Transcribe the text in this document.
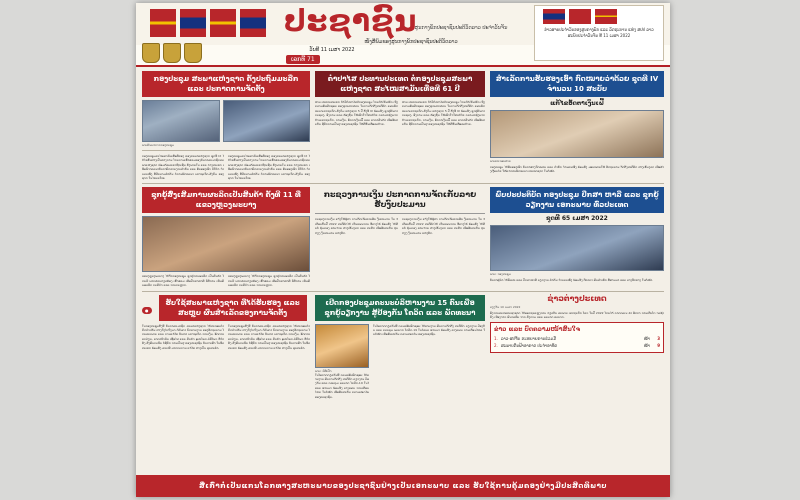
ວັນທີ 11 ເມສາ 2022
ເລກທີ 71
ປະຊາຊົນ
ໜັງສືພິມຂອງສູນກາງພັກປະຊາຊົນປະຕິວັດລາວ
ສູນກາງພັກປະຊາຊົນປະຕິວັດລາວ ປະຈໍາວັນຈັນ	ຂ່າວສານປະຈໍາວັນຂອງສູນກາງພັກ ແລະ ລັດຖະບານ ແຫ່ງ ສປປ ລາວ ສະບັບປະຈໍາວັນຈັນ ທີ 11 ເມສາ 2022
ກອງປະຊຸມ ສະພາແຫ່ງຊາດ ຄັ້ງປະຖົມມະລືກ ແລະ ປະກາດການຈັດຕັ້ງ
ພາບບັນຍາກາດກອງປະຊຸມ
ກອງປະຊຸມສະໄໝສາມັນເທື່ອທີສອງ ຂອງສະພາແຫ່ງຊາດ ຊຸດທີ IX ໄດ້ໄຂຂຶ້ນຢ່າງເປັນທາງການ ໂດຍການເຂົ້າຮ່ວມຂອງບັນດາສະມາຊິກສະພາແຫ່ງຊາດ ພ້ອມດ້ວຍແຂກຖືກເຊີນ ທັງພາຍໃນ ແລະ ຕ່າງປະເທດ ເພື່ອພິຈາລະນາບັນດາບົດລາຍງານສໍາຄັນ ແລະ ຮັບຮອງເອົາ ນິຕິກໍາ ຈໍານວນໜຶ່ງ ທີ່ມີຄວາມສໍາຄັນ ຕໍ່ການພັດທະນາ ເສດຖະກິດ-ສັງຄົມ ຂອງຊາດ ໃນໄລຍະໃໝ່.
ກອງປະຊຸມສະໄໝສາມັນເທື່ອທີສອງ ຂອງສະພາແຫ່ງຊາດ ຊຸດທີ IX ໄດ້ໄຂຂຶ້ນຢ່າງເປັນທາງການ ໂດຍການເຂົ້າຮ່ວມຂອງບັນດາສະມາຊິກສະພາແຫ່ງຊາດ ພ້ອມດ້ວຍແຂກຖືກເຊີນ ທັງພາຍໃນ ແລະ ຕ່າງປະເທດ ເພື່ອພິຈາລະນາບັນດາບົດລາຍງານສໍາຄັນ ແລະ ຮັບຮອງເອົາ ນິຕິກໍາ ຈໍານວນໜຶ່ງ ທີ່ມີຄວາມສໍາຄັນ ຕໍ່ການພັດທະນາ ເສດຖະກິດ-ສັງຄົມ ຂອງຊາດ ໃນໄລຍະໃໝ່.
ຄໍາປາໄສ ປະທານປະເທດ ຕໍ່ກອງປະຊຸມສະພາແຫ່ງຊາດ ສະໄໝສາມັນເທື່ອທີ 61 ປີ
ທ່ານ ປະທານປະເທດ ໄດ້ມີຄໍາປາໄສຕໍ່ກອງປະຊຸມ ໂດຍໄດ້ເນັ້ນໜັກ ເຖິງຄວາມຮັບຜິດຊອບ ຂອງທຸກພາກສ່ວນ ໃນການຈັດຕັ້ງປະຕິບັດ ແຜນພັດທະນາເສດຖະກິດ-ສັງຄົມ ແຫ່ງຊາດ 5 ປີ ຄັ້ງທີ IX ພ້ອມທັງ ຊຸກຍູ້ບັນດາກະຊວງ, ອົງການ ແລະ ທ້ອງຖິ່ນ ໃຫ້ເອົາໃຈໃສ່ແກ້ໄຂ ຄວາມຫຍຸ້ງຍາກ ດ້ານເສດຖະກິດ, ການເງິນ, ອັດຕາເງິນເຟີ້ ແລະ ລາຄາສິນຄ້າ ເພື່ອຮັບປະກັນ ຊີວິດການເປັນຢູ່ ຂອງປະຊາຊົນ ໃຫ້ດີຂຶ້ນເທື່ອລະກ້າວ.
ທ່ານ ປະທານປະເທດ ໄດ້ມີຄໍາປາໄສຕໍ່ກອງປະຊຸມ ໂດຍໄດ້ເນັ້ນໜັກ ເຖິງຄວາມຮັບຜິດຊອບ ຂອງທຸກພາກສ່ວນ ໃນການຈັດຕັ້ງປະຕິບັດ ແຜນພັດທະນາເສດຖະກິດ-ສັງຄົມ ແຫ່ງຊາດ 5 ປີ ຄັ້ງທີ IX ພ້ອມທັງ ຊຸກຍູ້ບັນດາກະຊວງ, ອົງການ ແລະ ທ້ອງຖິ່ນ ໃຫ້ເອົາໃຈໃສ່ແກ້ໄຂ ຄວາມຫຍຸ້ງຍາກ ດ້ານເສດຖະກິດ, ການເງິນ, ອັດຕາເງິນເຟີ້ ແລະ ລາຄາສິນຄ້າ ເພື່ອຮັບປະກັນ ຊີວິດການເປັນຢູ່ ຂອງປະຊາຊົນ ໃຫ້ດີຂຶ້ນເທື່ອລະກ້າວ.
ສໍາເລັດການຮັບຮອງເອົາ ກົດໝາຍວ່າດ້ວຍ ຊຸດທີ IV ຈໍານວນ 10 ສະບັບ
ແກ້ໄຂອັດຕາເງິນເຟີ້
ພາບປະກອບຂ່າວ
ກອງປະຊຸມ ໄດ້ຮັບຮອງເອົາ ບັນດາຮ່າງກົດໝາຍ ແລະ ດໍາລັດ ຈໍານວນໜຶ່ງ ພ້ອມທັງ ມອບໝາຍໃຫ້ ລັດຖະບານ ຈັດຕັ້ງປະຕິບັດ ຢ່າງເຂັ້ມງວດ ເພື່ອສ້າງເງື່ອນໄຂ ໃຫ້ແກ່ການພັດທະນາ ປະເທດຊາດ ໃນຕໍ່ໜ້າ.
ຊຸກຍູ້ສົ່ງເສີມການຜະລິດເປັນສິນຄ້າ ຄັ້ງທີ 11 ທີ່ແຂວງຫຼວງພະບາງ
ແຂວງຫຼວງພະບາງ ໄດ້ຈັດກອງປະຊຸມ ຊຸກຍູ້ການຜະລິດ ເປັນສິນຄ້າ ໂດຍມີ ພາກສ່ວນກ່ຽວຂ້ອງ ເຂົ້າຮ່ວມ ເພື່ອປຶກສາຫາລື ວິທີການ ເພີ່ມຜົນຜະລິດ ກະສິກໍາ ແລະ ການຕະຫຼາດ.
ແຂວງຫຼວງພະບາງ ໄດ້ຈັດກອງປະຊຸມ ຊຸກຍູ້ການຜະລິດ ເປັນສິນຄ້າ ໂດຍມີ ພາກສ່ວນກ່ຽວຂ້ອງ ເຂົ້າຮ່ວມ ເພື່ອປຶກສາຫາລື ວິທີການ ເພີ່ມຜົນຜະລິດ ກະສິກໍາ ແລະ ການຕະຫຼາດ.
ກະຊວງການເງິນ ປະກາດການຈັດເກັບລາຍຮັບງົບປະມານ
ກະຊວງການເງິນ ແຈ້ງໃຫ້ຮູ້ວ່າ ການຈັດເກັບລາຍຮັບ ງົບປະມານ ໃນ 3 ເດືອນຕົ້ນປີ 2022 ປະຕິບັດໄດ້ ເກີນແຜນການ ທີ່ວາງໄວ້ ພ້ອມທັງ ໄດ້ສືບຕໍ່ ຄຸ້ມຄອງ ລາຍຈ່າຍ ຢ່າງເຂັ້ມງວດ ແລະ ປະຢັດ ເພື່ອຮັບປະກັນ ດຸ່ນດ່ຽງ ງົບປະມານ ແຫ່ງລັດ.
ກະຊວງການເງິນ ແຈ້ງໃຫ້ຮູ້ວ່າ ການຈັດເກັບລາຍຮັບ ງົບປະມານ ໃນ 3 ເດືອນຕົ້ນປີ 2022 ປະຕິບັດໄດ້ ເກີນແຜນການ ທີ່ວາງໄວ້ ພ້ອມທັງ ໄດ້ສືບຕໍ່ ຄຸ້ມຄອງ ລາຍຈ່າຍ ຢ່າງເຂັ້ມງວດ ແລະ ປະຢັດ ເພື່ອຮັບປະກັນ ດຸ່ນດ່ຽງ ງົບປະມານ ແຫ່ງລັດ.
ພົບປະປະຕິບັດ ກອງປະຊຸມ ປຶກສາ ຫາລື ແລະ ຊຸກຍູ້ວຽກງານ ເອກະພາບ ທົ່ວປະເທດ
ຊຸດທີ 65 ເມສາ 2022
ພາບ: ກອງປະຊຸມ
ບັນດາຜູ້ນໍາ ໄດ້ພົບປະ ແລະ ປຶກສາຫາລື ວຽກງານ ສໍາຄັນ ຈໍານວນໜຶ່ງ ພ້ອມທັງ ຕີລາຄາ ຜົນສໍາເລັດ ທີ່ຜ່ານມາ ແລະ ວາງທິດທາງ ໃນຕໍ່ໜ້າ.
● ຮັບໃຊ້ສະພາແຫ່ງຊາດ ທີ່ໄດ້ຮັບຮອງ ແລະ ສະຫຼຸບ ຜົນສໍາເລັດຂອງການຈັດຕັ້ງ
ໃນກອງປະຊຸມຄັ້ງນີ້ ບັນດາສະມາຊິກ ສະພາແຫ່ງຊາດ ໄດ້ປະກອບຄໍາຄິດຄໍາເຫັນ ຢ່າງກົງໄປກົງມາ ຕໍ່ບັນດາ ບົດລາຍງານ ຂອງລັດຖະບານ ໂດຍສະເພາະ ແມ່ນ ການແກ້ໄຂ ບັນຫາ ເສດຖະກິດ-ການເງິນ, ອັດຕາແລກປ່ຽນ, ລາຄານໍ້າມັນ ເຊື້ອໄຟ ແລະ ສິນຄ້າ ອຸປະໂພກ-ບໍລິໂພກ ທີ່ກໍາລັງ ສົ່ງຜົນກະທົບ ຕໍ່ຊີວິດ ການເປັນຢູ່ ຂອງປະຊາຊົນ ບັນດາເຜົ່າ ໃນທົ່ວປະເທດ ພ້ອມທັງ ສະເໜີ ມາດຕະການ ແກ້ໄຂ ຢ່າງເປັນ ຮູບປະທໍາ.
ໃນກອງປະຊຸມຄັ້ງນີ້ ບັນດາສະມາຊິກ ສະພາແຫ່ງຊາດ ໄດ້ປະກອບຄໍາຄິດຄໍາເຫັນ ຢ່າງກົງໄປກົງມາ ຕໍ່ບັນດາ ບົດລາຍງານ ຂອງລັດຖະບານ ໂດຍສະເພາະ ແມ່ນ ການແກ້ໄຂ ບັນຫາ ເສດຖະກິດ-ການເງິນ, ອັດຕາແລກປ່ຽນ, ລາຄານໍ້າມັນ ເຊື້ອໄຟ ແລະ ສິນຄ້າ ອຸປະໂພກ-ບໍລິໂພກ ທີ່ກໍາລັງ ສົ່ງຜົນກະທົບ ຕໍ່ຊີວິດ ການເປັນຢູ່ ຂອງປະຊາຊົນ ບັນດາເຜົ່າ ໃນທົ່ວປະເທດ ພ້ອມທັງ ສະເໜີ ມາດຕະການ ແກ້ໄຂ ຢ່າງເປັນ ຮູບປະທໍາ.
ເປີດກອງປະຊຸມຄະນະບໍລິຫານງານ 15 ຄົນເພື່ອຊຸກຍູ້ວຽກງານ ສູ້ປ້ອງກັນ ໂຄວິດ ແລະ ພັດທະນາ
ພາບ: ພິທີເປີດ
ໃນໂອກາດດຽວກັນນີ້ ຄະນະຮັບຜິດຊອບ ໄດ້ລາຍງານ ຜົນການຈັດຕັ້ງ ປະຕິບັດ ວຽກງານ ປ້ອງກັນ ແລະ ຄວບຄຸມ ພະຍາດ ໂຄວິດ-19 ໃນໄລຍະ ຜ່ານມາ ພ້ອມທັງ ວາງແຜນ ການເຄື່ອນໄຫວ ໃນຕໍ່ໜ້າ ເພື່ອຮັບປະກັນ ຄວາມປອດໄພ ຂອງປະຊາຊົນ.
ໃນໂອກາດດຽວກັນນີ້ ຄະນະຮັບຜິດຊອບ ໄດ້ລາຍງານ ຜົນການຈັດຕັ້ງ ປະຕິບັດ ວຽກງານ ປ້ອງກັນ ແລະ ຄວບຄຸມ ພະຍາດ ໂຄວິດ-19 ໃນໄລຍະ ຜ່ານມາ ພ້ອມທັງ ວາງແຜນ ການເຄື່ອນໄຫວ ໃນຕໍ່ໜ້າ ເພື່ອຮັບປະກັນ ຄວາມປອດໄພ ຂອງປະຊາຊົນ.
ຊ່າວຕ່າງປະເທດ
ວຽງຈັນ 10 ເມສາ 2022
ອົງການສະຫະປະຊາຊາດ ໄດ້ອອກຖະແຫຼງການ ກ່ຽວກັບ ສະພາບ ເສດຖະກິດ ໂລກ ໃນປີ 2022 ໂດຍໄດ້ ຄາດຄະເນ ວ່າ ອັດຕາ ການເຕີບໂຕ ຈະຊ້າລົງ ເນື່ອງຈາກ ຜົນກະທົບ ຈາກ ສົງຄາມ ແລະ ພະຍາດ ລະບາດ.
ຂ່າວ ແລະ ບົດຄວາມໜ້າສົນໃຈ
1. ລາວ-ສປຈີນ ຂະຫຍາຍການຮ່ວມມື	ໜ້າ	3
2. ສະພາບດິນຟ້າອາກາດ ປະຈໍາອາທິດ	ໜ້າ	9
ສື່ເກົ່າກໍ່ເປັນແກນໂລກທາງສະຫະພາບຂອງປະຊາຊົນຢ່າງເປັນເອກະພາບ ແລະ ຮັບໃຊ້ການຄຸ້ມຄອງຢ່າງມີປະສິດທິພາບ
